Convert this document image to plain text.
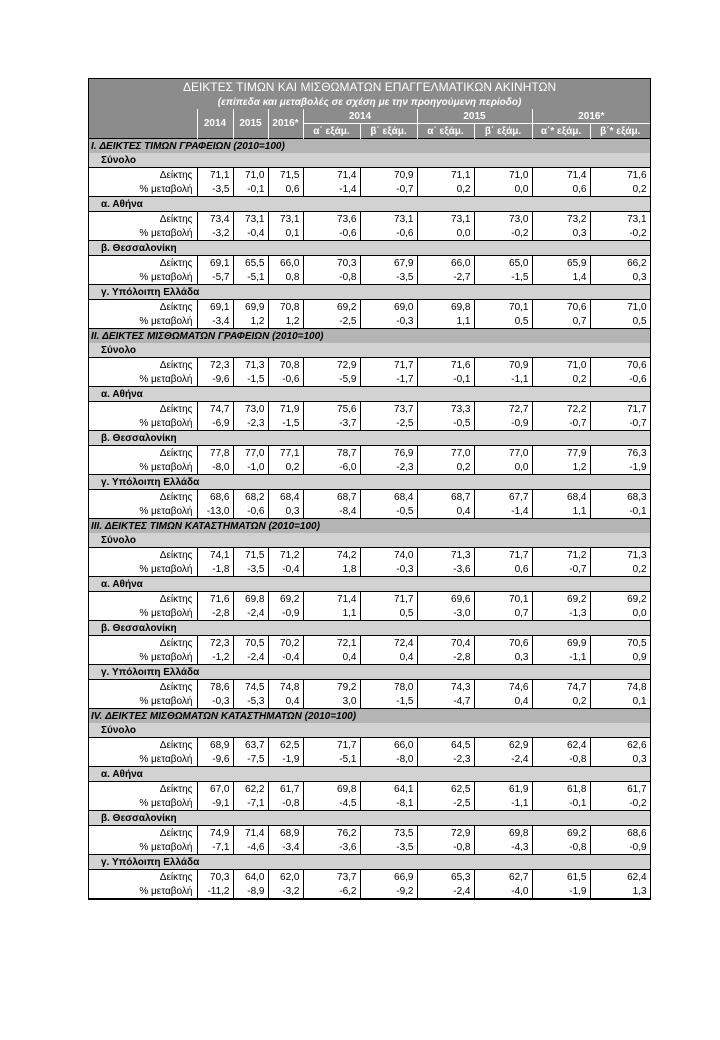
ΔΕΙΚΤΕΣ ΤΙΜΩΝ ΚΑΙ ΜΙΣΘΩΜΑΤΩΝ ΕΠΑΓΓΕΛΜΑΤΙΚΩΝ ΑΚΙΝΗΤΩΝ									
(επίπεδα και μεταβολές σε σχέση με την προηγούμενη περίοδο)									
	2014	2015	2016*	2014		2015		2016*	
				α΄ εξάμ.	β΄ εξάμ.	α΄ εξάμ.	β΄ εξάμ.	α΄* εξάμ.	β΄* εξάμ.
I. ΔΕΙΚΤΕΣ ΤΙΜΩΝ ΓΡΑΦΕΙΩΝ (2010=100)									
Σύνολο									
Δείκτης	71,1	71,0	71,5	71,4	70,9	71,1	71,0	71,4	71,6
% μεταβολή	-3,5	-0,1	0,6	-1,4	-0,7	0,2	0,0	0,6	0,2
α. Αθήνα									
Δείκτης	73,4	73,1	73,1	73,6	73,1	73,1	73,0	73,2	73,1
% μεταβολή	-3,2	-0,4	0,1	-0,6	-0,6	0,0	-0,2	0,3	-0,2
β. Θεσσαλονίκη									
Δείκτης	69,1	65,5	66,0	70,3	67,9	66,0	65,0	65,9	66,2
% μεταβολή	-5,7	-5,1	0,8	-0,8	-3,5	-2,7	-1,5	1,4	0,3
γ. Υπόλοιπη Ελλάδα									
Δείκτης	69,1	69,9	70,8	69,2	69,0	69,8	70,1	70,6	71,0
% μεταβολή	-3,4	1,2	1,2	-2,5	-0,3	1,1	0,5	0,7	0,5
II. ΔΕΙΚΤΕΣ ΜΙΣΘΩΜΑΤΩΝ ΓΡΑΦΕΙΩΝ (2010=100)									
Σύνολο									
Δείκτης	72,3	71,3	70,8	72,9	71,7	71,6	70,9	71,0	70,6
% μεταβολή	-9,6	-1,5	-0,6	-5,9	-1,7	-0,1	-1,1	0,2	-0,6
α. Αθήνα									
Δείκτης	74,7	73,0	71,9	75,6	73,7	73,3	72,7	72,2	71,7
% μεταβολή	-6,9	-2,3	-1,5	-3,7	-2,5	-0,5	-0,9	-0,7	-0,7
β. Θεσσαλονίκη									
Δείκτης	77,8	77,0	77,1	78,7	76,9	77,0	77,0	77,9	76,3
% μεταβολή	-8,0	-1,0	0,2	-6,0	-2,3	0,2	0,0	1,2	-1,9
γ. Υπόλοιπη Ελλάδα									
Δείκτης	68,6	68,2	68,4	68,7	68,4	68,7	67,7	68,4	68,3
% μεταβολή	-13,0	-0,6	0,3	-8,4	-0,5	0,4	-1,4	1,1	-0,1
III. ΔΕΙΚΤΕΣ ΤΙΜΩΝ ΚΑΤΑΣΤΗΜΑΤΩΝ (2010=100)									
Σύνολο									
Δείκτης	74,1	71,5	71,2	74,2	74,0	71,3	71,7	71,2	71,3
% μεταβολή	-1,8	-3,5	-0,4	1,8	-0,3	-3,6	0,6	-0,7	0,2
α. Αθήνα									
Δείκτης	71,6	69,8	69,2	71,4	71,7	69,6	70,1	69,2	69,2
% μεταβολή	-2,8	-2,4	-0,9	1,1	0,5	-3,0	0,7	-1,3	0,0
β. Θεσσαλονίκη									
Δείκτης	72,3	70,5	70,2	72,1	72,4	70,4	70,6	69,9	70,5
% μεταβολή	-1,2	-2,4	-0,4	0,4	0,4	-2,8	0,3	-1,1	0,9
γ. Υπόλοιπη Ελλάδα									
Δείκτης	78,6	74,5	74,8	79,2	78,0	74,3	74,6	74,7	74,8
% μεταβολή	-0,3	-5,3	0,4	3,0	-1,5	-4,7	0,4	0,2	0,1
IV. ΔΕΙΚΤΕΣ ΜΙΣΘΩΜΑΤΩΝ ΚΑΤΑΣΤΗΜΑΤΩΝ (2010=100)									
Σύνολο									
Δείκτης	68,9	63,7	62,5	71,7	66,0	64,5	62,9	62,4	62,6
% μεταβολή	-9,6	-7,5	-1,9	-5,1	-8,0	-2,3	-2,4	-0,8	0,3
α. Αθήνα									
Δείκτης	67,0	62,2	61,7	69,8	64,1	62,5	61,9	61,8	61,7
% μεταβολή	-9,1	-7,1	-0,8	-4,5	-8,1	-2,5	-1,1	-0,1	-0,2
β. Θεσσαλονίκη									
Δείκτης	74,9	71,4	68,9	76,2	73,5	72,9	69,8	69,2	68,6
% μεταβολή	-7,1	-4,6	-3,4	-3,6	-3,5	-0,8	-4,3	-0,8	-0,9
γ. Υπόλοιπη Ελλάδα									
Δείκτης	70,3	64,0	62,0	73,7	66,9	65,3	62,7	61,5	62,4
% μεταβολή	-11,2	-8,9	-3,2	-6,2	-9,2	-2,4	-4,0	-1,9	1,3
